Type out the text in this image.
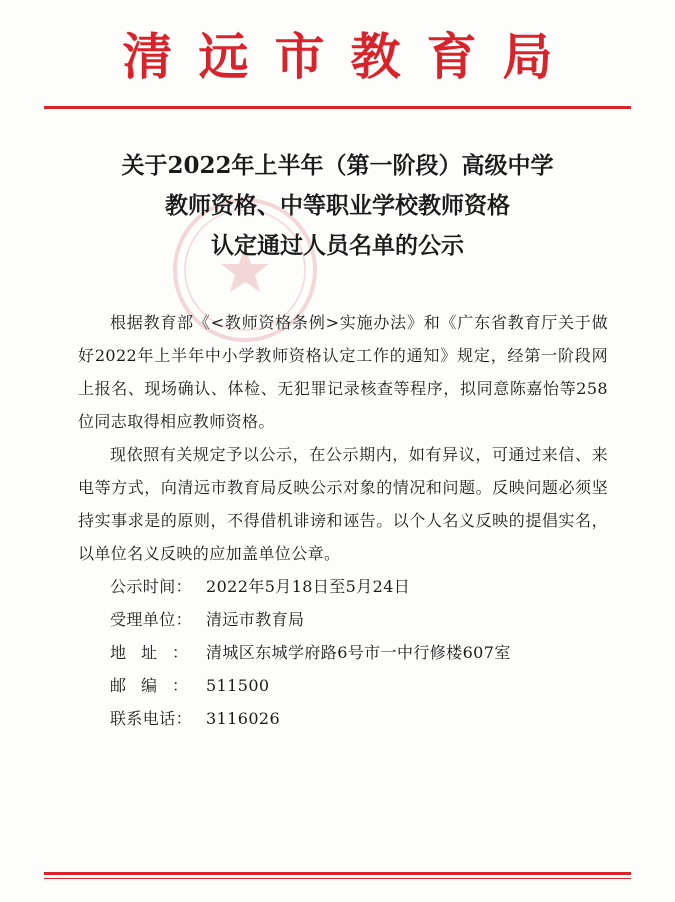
清远市教育局
关于2022年上半年（第一阶段）高级中学
教师资格、中等职业学校教师资格
认定通过人员名单的公示

根据教育部《<教师资格条例>实施办法》和《广东省教育厅关于做好2022年上半年中小学教师资格认定工作的通知》规定，经第一阶段网上报名、现场确认、体检、无犯罪记录核查等程序，拟同意陈嘉怡等258位同志取得相应教师资格。

现依照有关规定予以公示，在公示期内，如有异议，可通过来信、来电等方式，向清远市教育局反映公示对象的情况和问题。反映问题必须坚持实事求是的原则，不得借机诽谤和诬告。以个人名义反映的提倡实名，以单位名义反映的应加盖单位公章。

公示时间： 2022年5月18日至5月24日
受理单位： 清远市教育局
地址： 清城区东城学府路6号市一中行修楼607室
邮编： 511500
联系电话： 3116026
